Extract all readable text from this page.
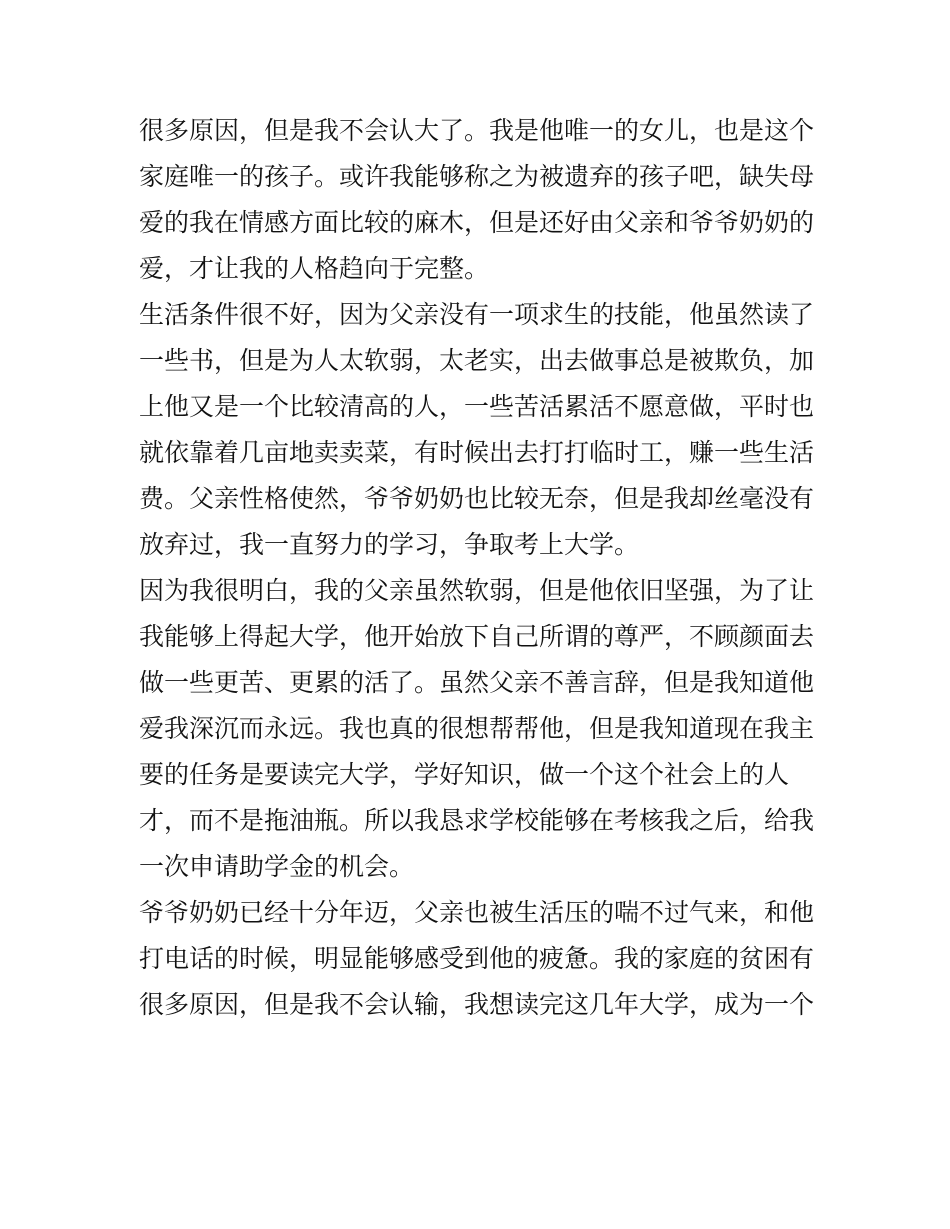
很多原因，但是我不会认大了。我是他唯一的女儿，也是这个
家庭唯一的孩子。或许我能够称之为被遗弃的孩子吧，缺失母
爱的我在情感方面比较的麻木，但是还好由父亲和爷爷奶奶的
爱，才让我的人格趋向于完整。
生活条件很不好，因为父亲没有一项求生的技能，他虽然读了
一些书，但是为人太软弱，太老实，出去做事总是被欺负，加
上他又是一个比较清高的人，一些苦活累活不愿意做，平时也
就依靠着几亩地卖卖菜，有时候出去打打临时工，赚一些生活
费。父亲性格使然，爷爷奶奶也比较无奈，但是我却丝毫没有
放弃过，我一直努力的学习，争取考上大学。
因为我很明白，我的父亲虽然软弱，但是他依旧坚强，为了让
我能够上得起大学，他开始放下自己所谓的尊严，不顾颜面去
做一些更苦、更累的活了。虽然父亲不善言辞，但是我知道他
爱我深沉而永远。我也真的很想帮帮他，但是我知道现在我主
要的任务是要读完大学，学好知识，做一个这个社会上的人
才，而不是拖油瓶。所以我恳求学校能够在考核我之后，给我
一次申请助学金的机会。
爷爷奶奶已经十分年迈，父亲也被生活压的喘不过气来，和他
打电话的时候，明显能够感受到他的疲惫。我的家庭的贫困有
很多原因，但是我不会认输，我想读完这几年大学，成为一个
